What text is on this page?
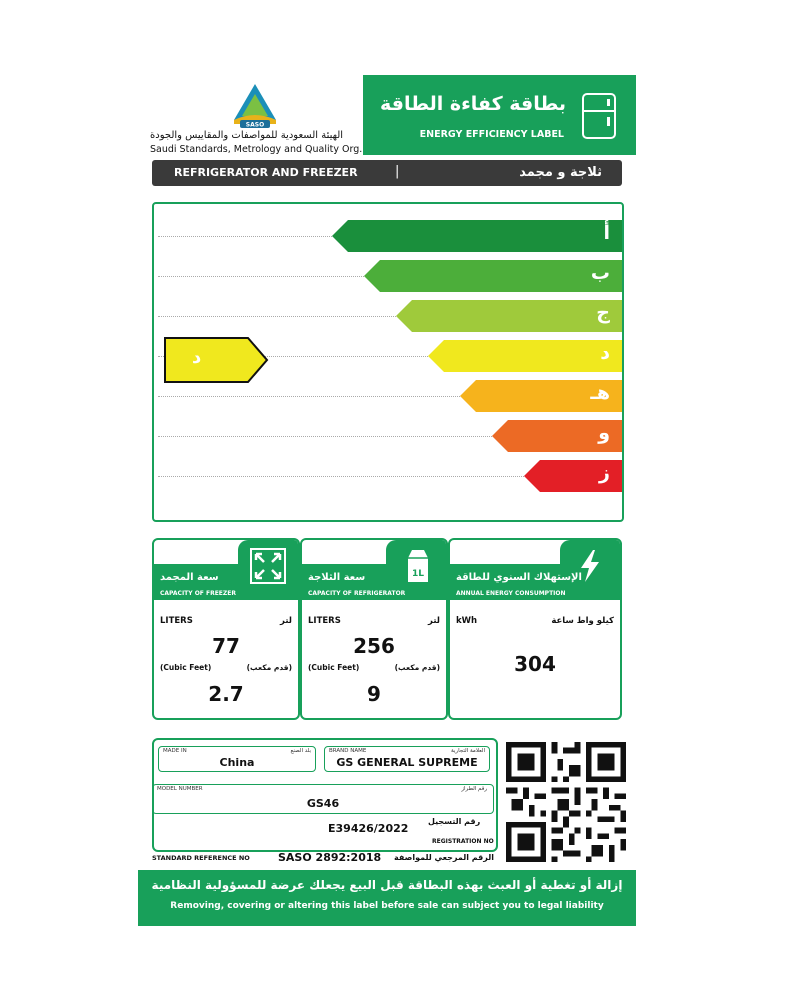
بطاقة كفاءة الطاقة
ENERGY EFFICIENCY LABEL
SASO
الهيئة السعودية للمواصفات والمقاييس والجودة
Saudi Standards, Metrology and Quality Org.
REFRIGERATOR AND FREEZER	|	ثلاجة و مجمد
أ
ب
ج
د
هـ
و
ز
د
سعة المجمد
CAPACITY OF FREEZER
LITERS	لتر
77
(Cubic Feet)	(قدم مكعب)
2.7
1L
سعة الثلاجة
CAPACITY OF REFRIGERATOR
LITERS	لتر
256
(Cubic Feet)	(قدم مكعب)
9
الإستهلاك السنوي للطاقة
ANNUAL ENERGY CONSUMPTION
kWh	كيلو واط ساعة
304
MADE IN	بلد الصنع
China
BRAND NAME	العلامة التجارية
GS GENERAL SUPREME
MODEL NUMBER	رقم الطراز
GS46
E39426/2022
رقم التسجيل
REGISTRATION NO
STANDARD REFERENCE NO	SASO 2892:2018 الرقم المرجعي للمواصفة
إزالة أو تغطية أو العبث بهذه البطاقة قبل البيع يجعلك عرضة للمسؤولية النظامية
Removing, covering or altering this label before sale can subject you to legal liability
